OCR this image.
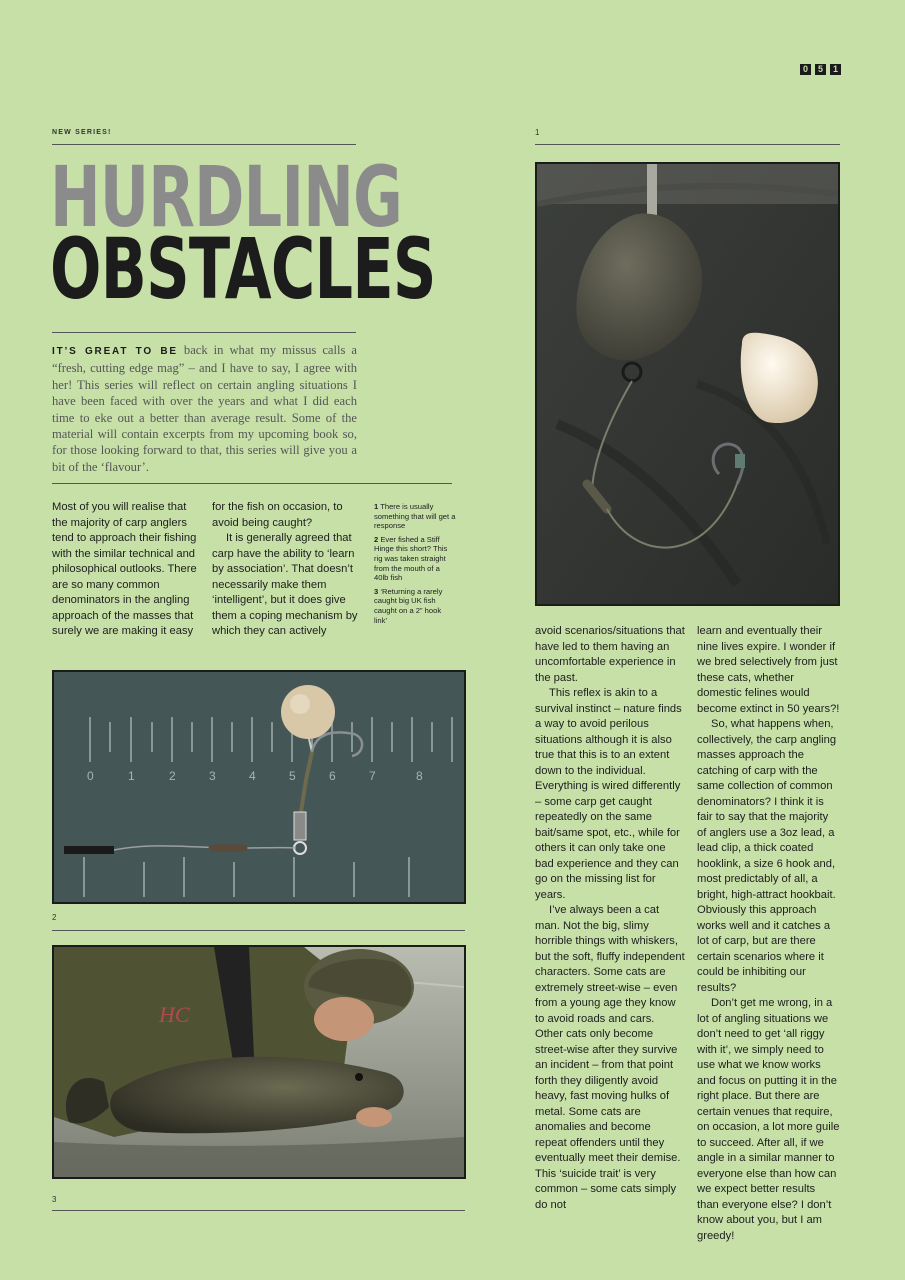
0	5	1
NEW SERIES!
HURDLING
OBSTACLES
IT’S GREAT TO BE back in what my missus calls a “fresh, cutting edge mag” – and I have to say, I agree with her! This series will reflect on certain angling situations I have been faced with over the years and what I did each time to eke out a better than average result. Some of the material will contain excerpts from my upcoming book so, for those looking forward to that, this series will give you a bit of the ‘flavour’.

Most of you will realise that the majority of carp anglers tend to approach their fishing with the similar technical and philosophical outlooks. There are so many common denominators in the angling approach of the masses that surely we are making it easy

for the fish on occasion, to avoid being caught?

It is generally agreed that carp have the ability to ‘learn by association’. That doesn’t necessarily make them ‘intelligent’, but it does give them a coping mechanism by which they can actively

1 There is usually something that will get a response
2 Ever fished a Stiff Hinge this short? This rig was taken straight from the mouth of a 40lb fish
3 ‘Returning a rarely caught big UK fish caught on a 2” hook link’
1

avoid scenarios/situations that have led to them having an uncomfortable experience in the past.

This reflex is akin to a survival instinct – nature finds a way to avoid perilous situations although it is also true that this is to an extent down to the individual. Everything is wired differently – some carp get caught repeatedly on the same bait/same spot, etc., while for others it can only take one bad experience and they can go on the missing list for years.

I’ve always been a cat man. Not the big, slimy horrible things with whiskers, but the soft, fluffy independent characters. Some cats are extremely street-wise – even from a young age they know to avoid roads and cars. Other cats only become street-wise after they survive an incident – from that point forth they diligently avoid heavy, fast moving hulks of metal. Some cats are anomalies and become repeat offenders until they eventually meet their demise. This ‘suicide trait’ is very common – some cats simply do not

learn and eventually their nine lives expire. I wonder if we bred selectively from just these cats, whether domestic felines would become extinct in 50 years?!

So, what happens when, collectively, the carp angling masses approach the catching of carp with the same collection of common denominators? I think it is fair to say that the majority of anglers use a 3oz lead, a lead clip, a thick coated hooklink, a size 6 hook and, most predictably of all, a bright, high-attract hookbait. Obviously this approach works well and it catches a lot of carp, but are there certain scenarios where it could be inhibiting our results?

Don’t get me wrong, in a lot of angling situations we don’t need to get ‘all riggy with it’, we simply need to use what we know works and focus on putting it in the right place. But there are certain venues that require, on occasion, a lot more guile to succeed. After all, if we angle in a similar manner to everyone else than how can we expect better results than everyone else? I don’t know about you, but I am greedy!

0	1	2	3	4	5	6	7	8
2
HC
3
